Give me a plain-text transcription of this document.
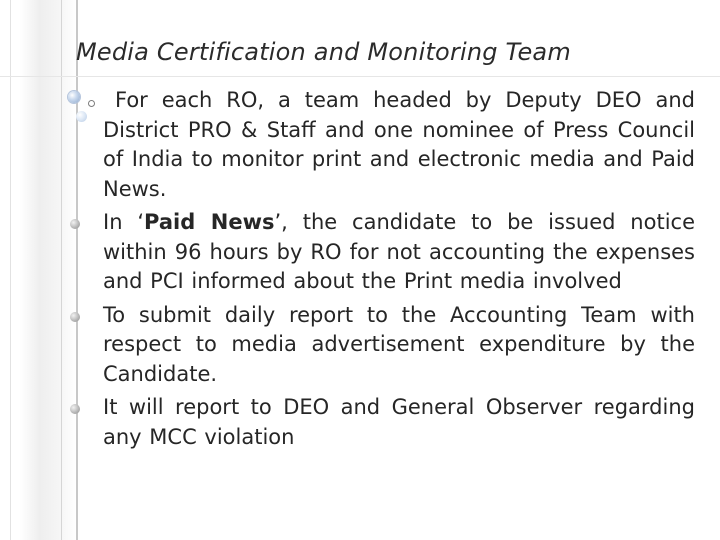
Media Certification and Monitoring Team
For each RO, a team headed by Deputy DEO and District PRO & Staff and one nominee of Press Council of India to monitor print and electronic media and Paid News.
In ‘Paid News’, the candidate to be issued notice within 96 hours by RO for not accounting the expenses and PCI informed about the Print media involved
To submit daily report to the Accounting Team with respect to media advertisement expenditure by the Candidate.
It will report to DEO and General Observer regarding any MCC violation
